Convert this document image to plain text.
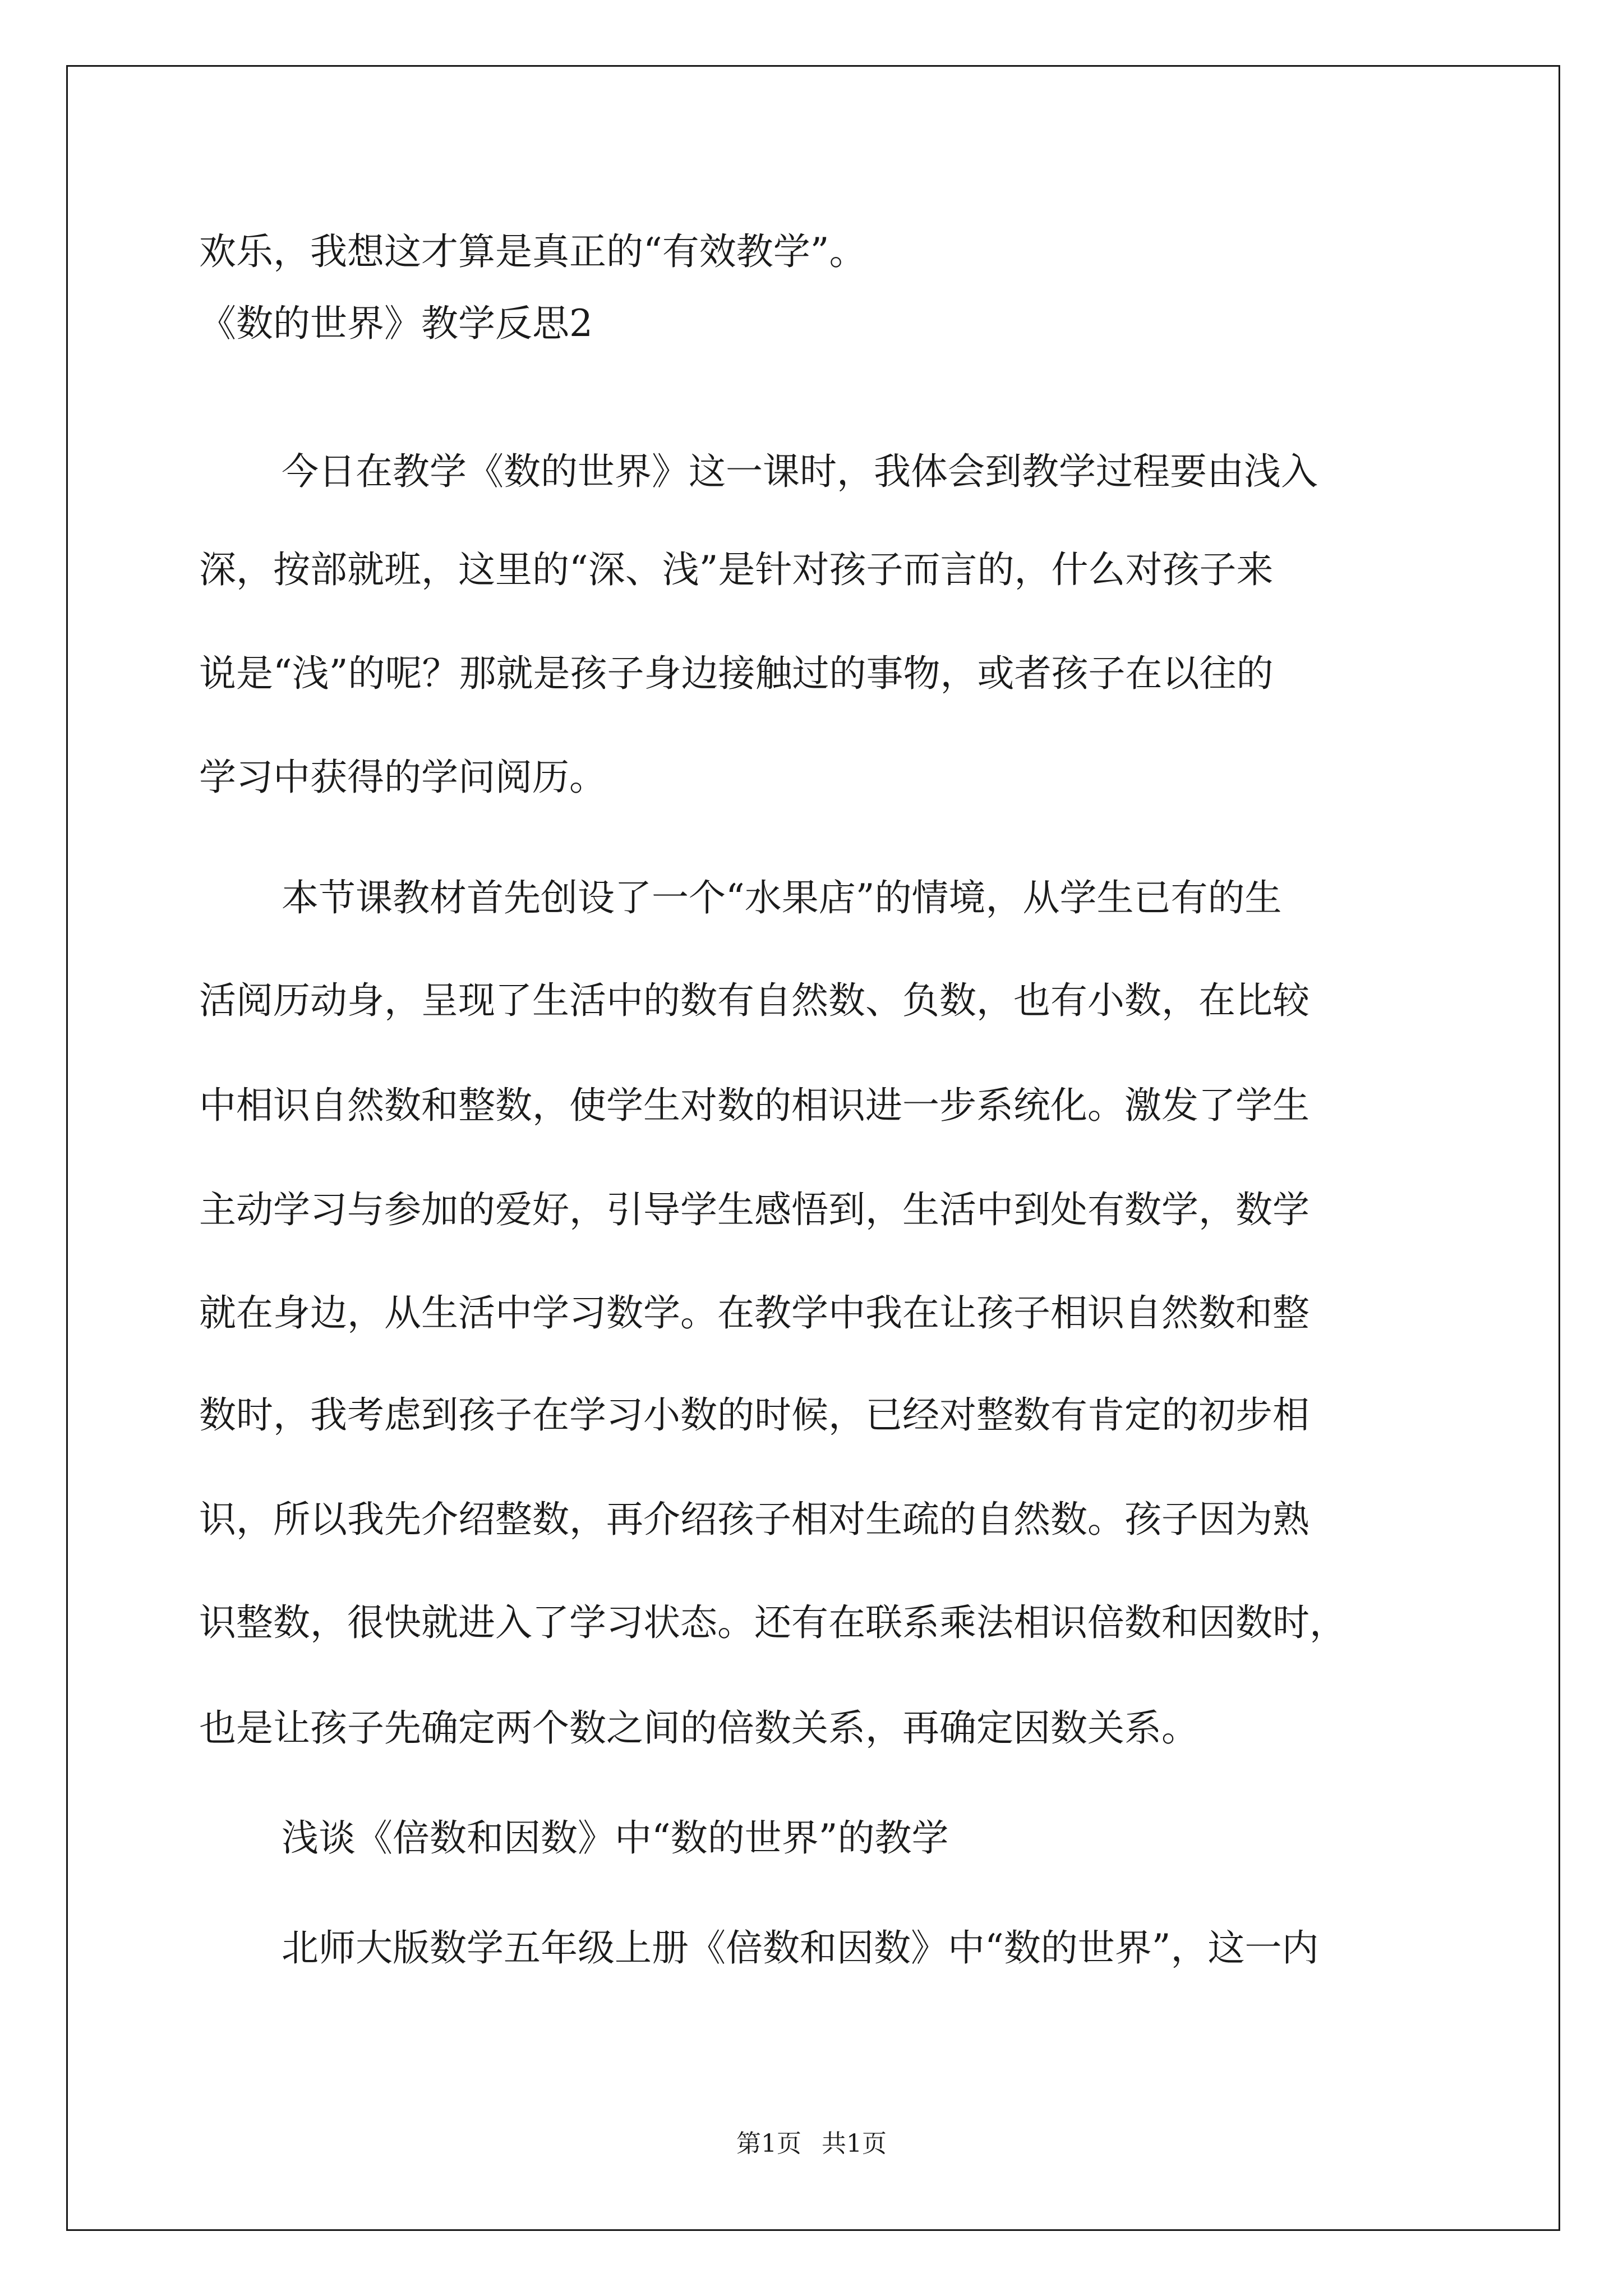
欢乐，我想这才算是真正的“有效教学”。

《数的世界》教学反思2

今日在教学《数的世界》这一课时，我体会到教学过程要由浅入

深，按部就班，这里的“深、浅”是针对孩子而言的，什么对孩子来

说是“浅”的呢？那就是孩子身边接触过的事物，或者孩子在以往的

学习中获得的学问阅历。

本节课教材首先创设了一个“水果店”的情境，从学生已有的生

活阅历动身，呈现了生活中的数有自然数、负数，也有小数，在比较

中相识自然数和整数，使学生对数的相识进一步系统化。激发了学生

主动学习与参加的爱好，引导学生感悟到，生活中到处有数学，数学

就在身边，从生活中学习数学。在教学中我在让孩子相识自然数和整

数时，我考虑到孩子在学习小数的时候，已经对整数有肯定的初步相

识，所以我先介绍整数，再介绍孩子相对生疏的自然数。孩子因为熟

识整数，很快就进入了学习状态。还有在联系乘法相识倍数和因数时，

也是让孩子先确定两个数之间的倍数关系，再确定因数关系。

浅谈《倍数和因数》中“数的世界”的教学

北师大版数学五年级上册《倍数和因数》中“数的世界”，这一内

第1页 共1页
